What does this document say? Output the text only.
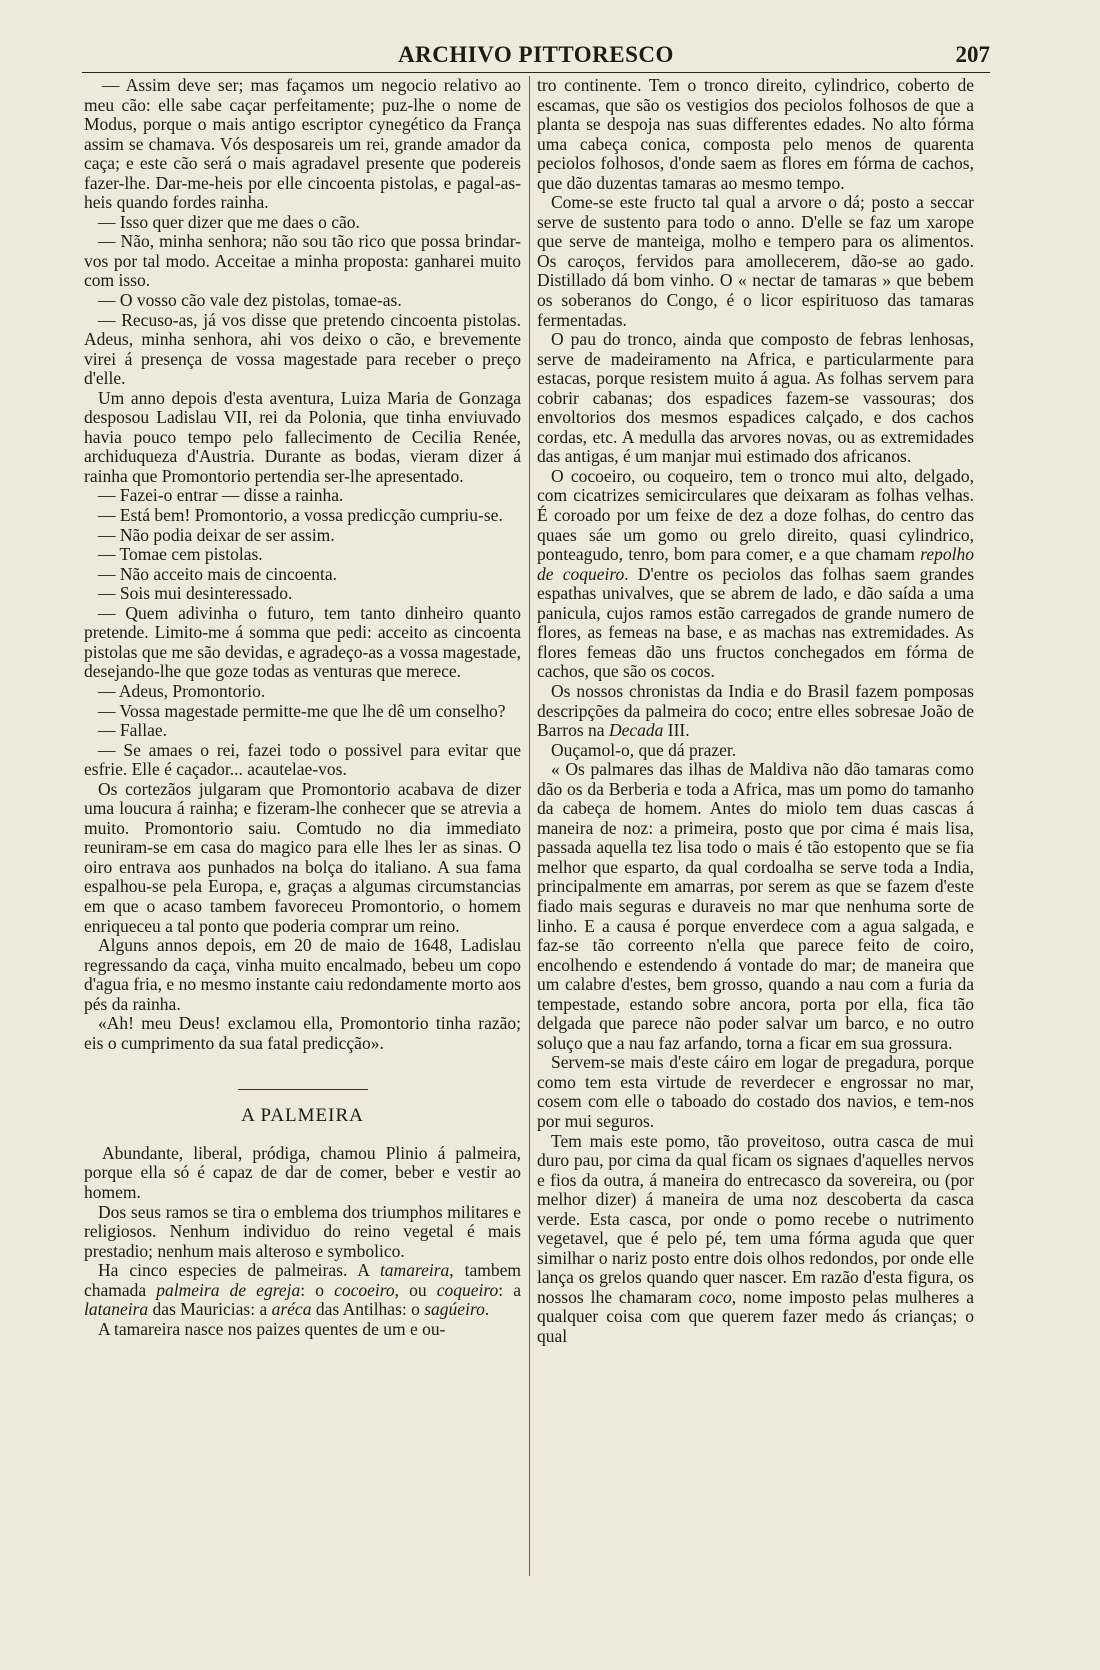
ARCHIVO PITTORESCO	207

— Assim deve ser; mas façamos um negocio relativo ao meu cão: elle sabe caçar perfeitamente; puz-lhe o nome de Modus, porque o mais antigo escriptor cynegético da França assim se chamava. Vós desposareis um rei, grande amador da caça; e este cão será o mais agradavel presente que podereis fazer-lhe. Dar-me-heis por elle cincoenta pistolas, e pagal-as-heis quando fordes rainha.

— Isso quer dizer que me daes o cão.

— Não, minha senhora; não sou tão rico que possa brindar-vos por tal modo. Acceitae a minha proposta: ganharei muito com isso.

— O vosso cão vale dez pistolas, tomae-as.

— Recuso-as, já vos disse que pretendo cincoenta pistolas. Adeus, minha senhora, ahi vos deixo o cão, e brevemente virei á presença de vossa magestade para receber o preço d'elle.

Um anno depois d'esta aventura, Luiza Maria de Gonzaga desposou Ladislau VII, rei da Polonia, que tinha enviuvado havia pouco tempo pelo fallecimento de Cecilia Renée, archiduqueza d'Austria. Durante as bodas, vieram dizer á rainha que Promontorio pertendia ser-lhe apresentado.

— Fazei-o entrar — disse a rainha.

— Está bem! Promontorio, a vossa predicção cumpriu-se.

— Não podia deixar de ser assim.

— Tomae cem pistolas.

— Não acceito mais de cincoenta.

— Sois mui desinteressado.

— Quem adivinha o futuro, tem tanto dinheiro quanto pretende. Limito-me á somma que pedi: acceito as cincoenta pistolas que me são devidas, e agradeço-as a vossa magestade, desejando-lhe que goze todas as venturas que merece.

— Adeus, Promontorio.

— Vossa magestade permitte-me que lhe dê um conselho?

— Fallae.

— Se amaes o rei, fazei todo o possivel para evitar que esfrie. Elle é caçador... acautelae-vos.

Os cortezãos julgaram que Promontorio acabava de dizer uma loucura á rainha; e fizeram-lhe conhecer que se atrevia a muito. Promontorio saiu. Comtudo no dia immediato reuniram-se em casa do magico para elle lhes ler as sinas. O oiro entrava aos punhados na bolça do italiano. A sua fama espalhou-se pela Europa, e, graças a algumas circumstancias em que o acaso tambem favoreceu Promontorio, o homem enriqueceu a tal ponto que poderia comprar um reino.

Alguns annos depois, em 20 de maio de 1648, Ladislau regressando da caça, vinha muito encalmado, bebeu um copo d'agua fria, e no mesmo instante caiu redondamente morto aos pés da rainha.

«Ah! meu Deus! exclamou ella, Promontorio tinha razão; eis o cumprimento da sua fatal predicção».

A PALMEIRA

Abundante, liberal, pródiga, chamou Plinio á palmeira, porque ella só é capaz de dar de comer, beber e vestir ao homem.

Dos seus ramos se tira o emblema dos triumphos militares e religiosos. Nenhum individuo do reino vegetal é mais prestadio; nenhum mais alteroso e symbolico.

Ha cinco especies de palmeiras. A tamareira, tambem chamada palmeira de egreja: o cocoeiro, ou coqueiro: a lataneira das Mauricias: a aréca das Antilhas: o sagúeiro.

A tamareira nasce nos paizes quentes de um e ou-

tro continente. Tem o tronco direito, cylindrico, coberto de escamas, que são os vestigios dos peciolos folhosos de que a planta se despoja nas suas differentes edades. No alto fórma uma cabeça conica, composta pelo menos de quarenta peciolos folhosos, d'onde saem as flores em fórma de cachos, que dão duzentas tamaras ao mesmo tempo.

Come-se este fructo tal qual a arvore o dá; posto a seccar serve de sustento para todo o anno. D'elle se faz um xarope que serve de manteiga, molho e tempero para os alimentos. Os caroços, fervidos para amollecerem, dão-se ao gado. Distillado dá bom vinho. O « nectar de tamaras » que bebem os soberanos do Congo, é o licor espirituoso das tamaras fermentadas.

O pau do tronco, ainda que composto de febras lenhosas, serve de madeiramento na Africa, e particularmente para estacas, porque resistem muito á agua. As folhas servem para cobrir cabanas; dos espadices fazem-se vassouras; dos envoltorios dos mesmos espadices calçado, e dos cachos cordas, etc. A medulla das arvores novas, ou as extremidades das antigas, é um manjar mui estimado dos africanos.

O cocoeiro, ou coqueiro, tem o tronco mui alto, delgado, com cicatrizes semicirculares que deixaram as folhas velhas. É coroado por um feixe de dez a doze folhas, do centro das quaes sáe um gomo ou grelo direito, quasi cylindrico, ponteagudo, tenro, bom para comer, e a que chamam repolho de coqueiro. D'entre os peciolos das folhas saem grandes espathas univalves, que se abrem de lado, e dão saída a uma panicula, cujos ramos estão carregados de grande numero de flores, as femeas na base, e as machas nas extremidades. As flores femeas dão uns fructos conchegados em fórma de cachos, que são os cocos.

Os nossos chronistas da India e do Brasil fazem pomposas descripções da palmeira do coco; entre elles sobresae João de Barros na Decada III.

Ouçamol-o, que dá prazer.

« Os palmares das ilhas de Maldiva não dão tamaras como dão os da Berberia e toda a Africa, mas um pomo do tamanho da cabeça de homem. Antes do miolo tem duas cascas á maneira de noz: a primeira, posto que por cima é mais lisa, passada aquella tez lisa todo o mais é tão estopento que se fia melhor que esparto, da qual cordoalha se serve toda a India, principalmente em amarras, por serem as que se fazem d'este fiado mais seguras e duraveis no mar que nenhuma sorte de linho. E a causa é porque enverdece com a agua salgada, e faz-se tão correento n'ella que parece feito de coiro, encolhendo e estendendo á vontade do mar; de maneira que um calabre d'estes, bem grosso, quando a nau com a furia da tempestade, estando sobre ancora, porta por ella, fica tão delgada que parece não poder salvar um barco, e no outro soluço que a nau faz arfando, torna a ficar em sua grossura.

Servem-se mais d'este cáiro em logar de pregadura, porque como tem esta virtude de reverdecer e engrossar no mar, cosem com elle o taboado do costado dos navios, e tem-nos por mui seguros.

Tem mais este pomo, tão proveitoso, outra casca de mui duro pau, por cima da qual ficam os signaes d'aquelles nervos e fios da outra, á maneira do entrecasco da sovereira, ou (por melhor dizer) á maneira de uma noz descoberta da casca verde. Esta casca, por onde o pomo recebe o nutrimento vegetavel, que é pelo pé, tem uma fórma aguda que quer similhar o nariz posto entre dois olhos redondos, por onde elle lança os grelos quando quer nascer. Em razão d'esta figura, os nossos lhe chamaram coco, nome imposto pelas mulheres a qualquer coisa com que querem fazer medo ás crianças; o qual
